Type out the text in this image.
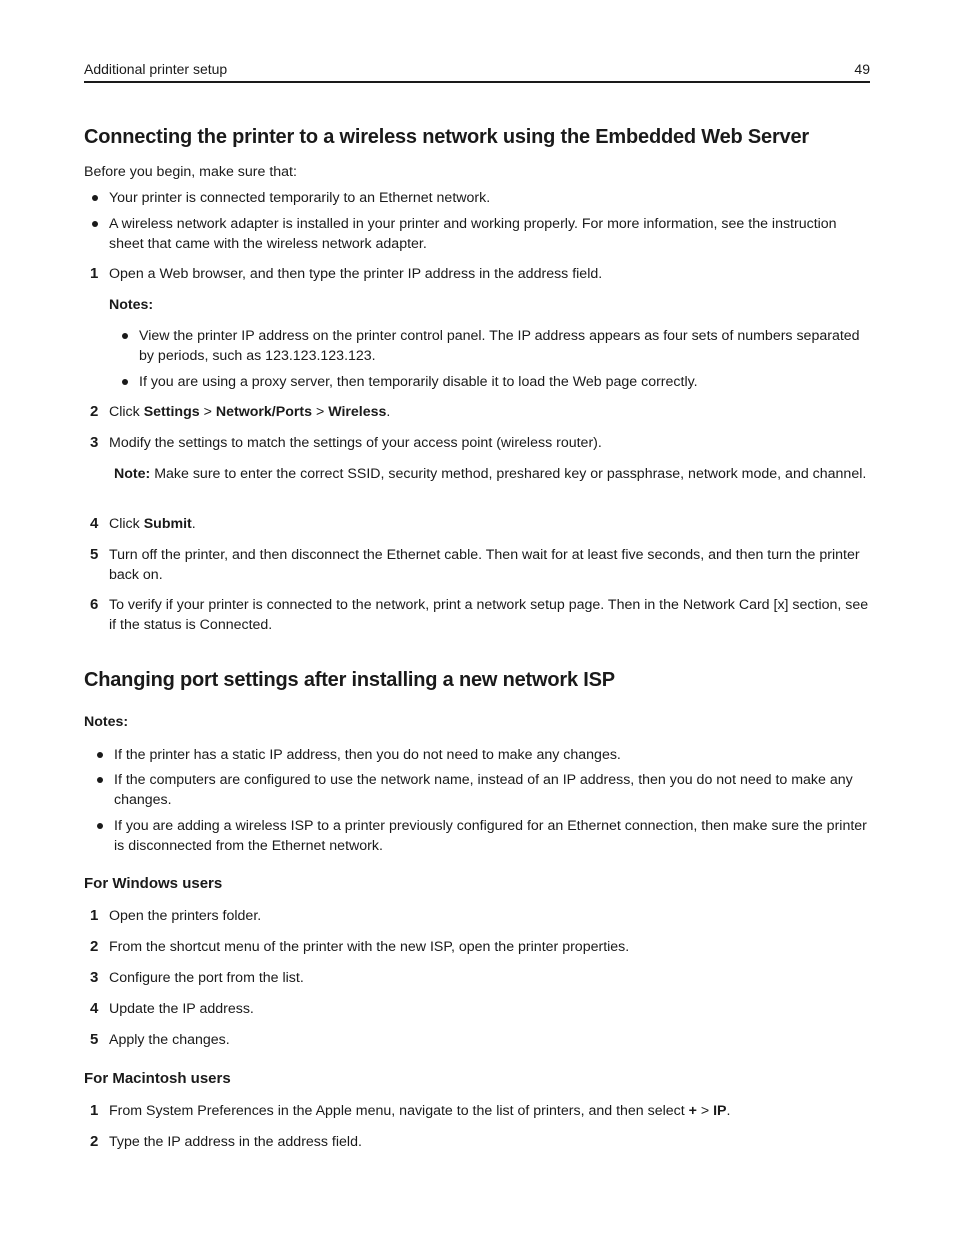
Additional printer setup	49
Connecting the printer to a wireless network using the Embedded Web Server
Before you begin, make sure that:
Your printer is connected temporarily to an Ethernet network.
A wireless network adapter is installed in your printer and working properly. For more information, see the instruction sheet that came with the wireless network adapter.
1 Open a Web browser, and then type the printer IP address in the address field.
Notes:
View the printer IP address on the printer control panel. The IP address appears as four sets of numbers separated by periods, such as 123.123.123.123.
If you are using a proxy server, then temporarily disable it to load the Web page correctly.
2 Click Settings > Network/Ports > Wireless.
3 Modify the settings to match the settings of your access point (wireless router).
Note: Make sure to enter the correct SSID, security method, preshared key or passphrase, network mode, and channel.
4 Click Submit.
5 Turn off the printer, and then disconnect the Ethernet cable. Then wait for at least five seconds, and then turn the printer back on.
6 To verify if your printer is connected to the network, print a network setup page. Then in the Network Card [x] section, see if the status is Connected.
Changing port settings after installing a new network ISP
Notes:
If the printer has a static IP address, then you do not need to make any changes.
If the computers are configured to use the network name, instead of an IP address, then you do not need to make any changes.
If you are adding a wireless ISP to a printer previously configured for an Ethernet connection, then make sure the printer is disconnected from the Ethernet network.
For Windows users
1 Open the printers folder.
2 From the shortcut menu of the printer with the new ISP, open the printer properties.
3 Configure the port from the list.
4 Update the IP address.
5 Apply the changes.
For Macintosh users
1 From System Preferences in the Apple menu, navigate to the list of printers, and then select + > IP.
2 Type the IP address in the address field.
